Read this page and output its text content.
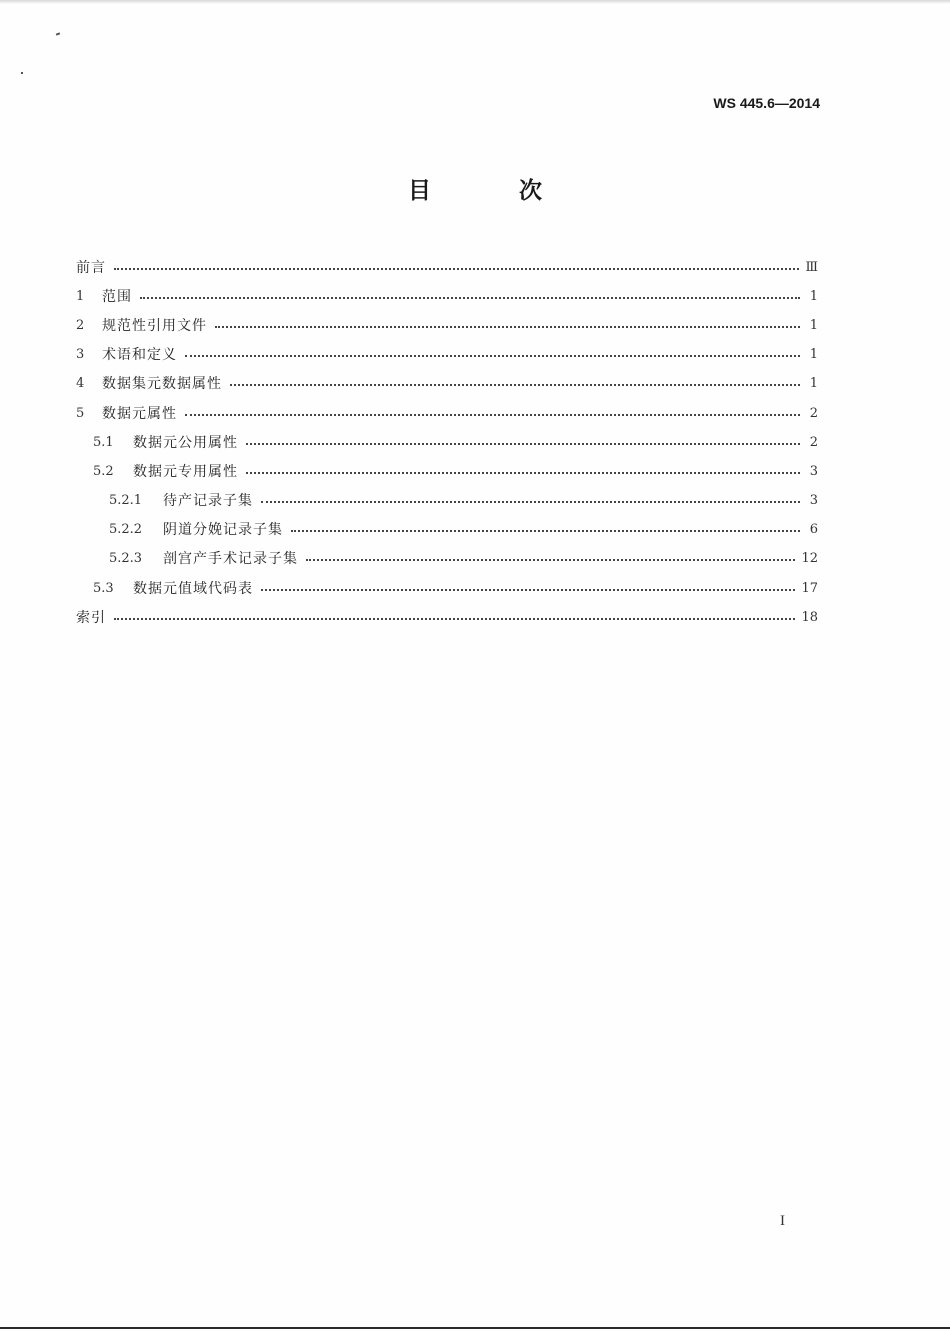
WS 445.6—2014
目 次
前言	Ⅲ
1	范围	1
2	规范性引用文件	1
3	术语和定义	1
4	数据集元数据属性	1
5	数据元属性	2
5.1	数据元公用属性	2
5.2	数据元专用属性	3
5.2.1	待产记录子集	3
5.2.2	阴道分娩记录子集	6
5.2.3	剖宫产手术记录子集	12
5.3	数据元值域代码表	17
索引	18
I
